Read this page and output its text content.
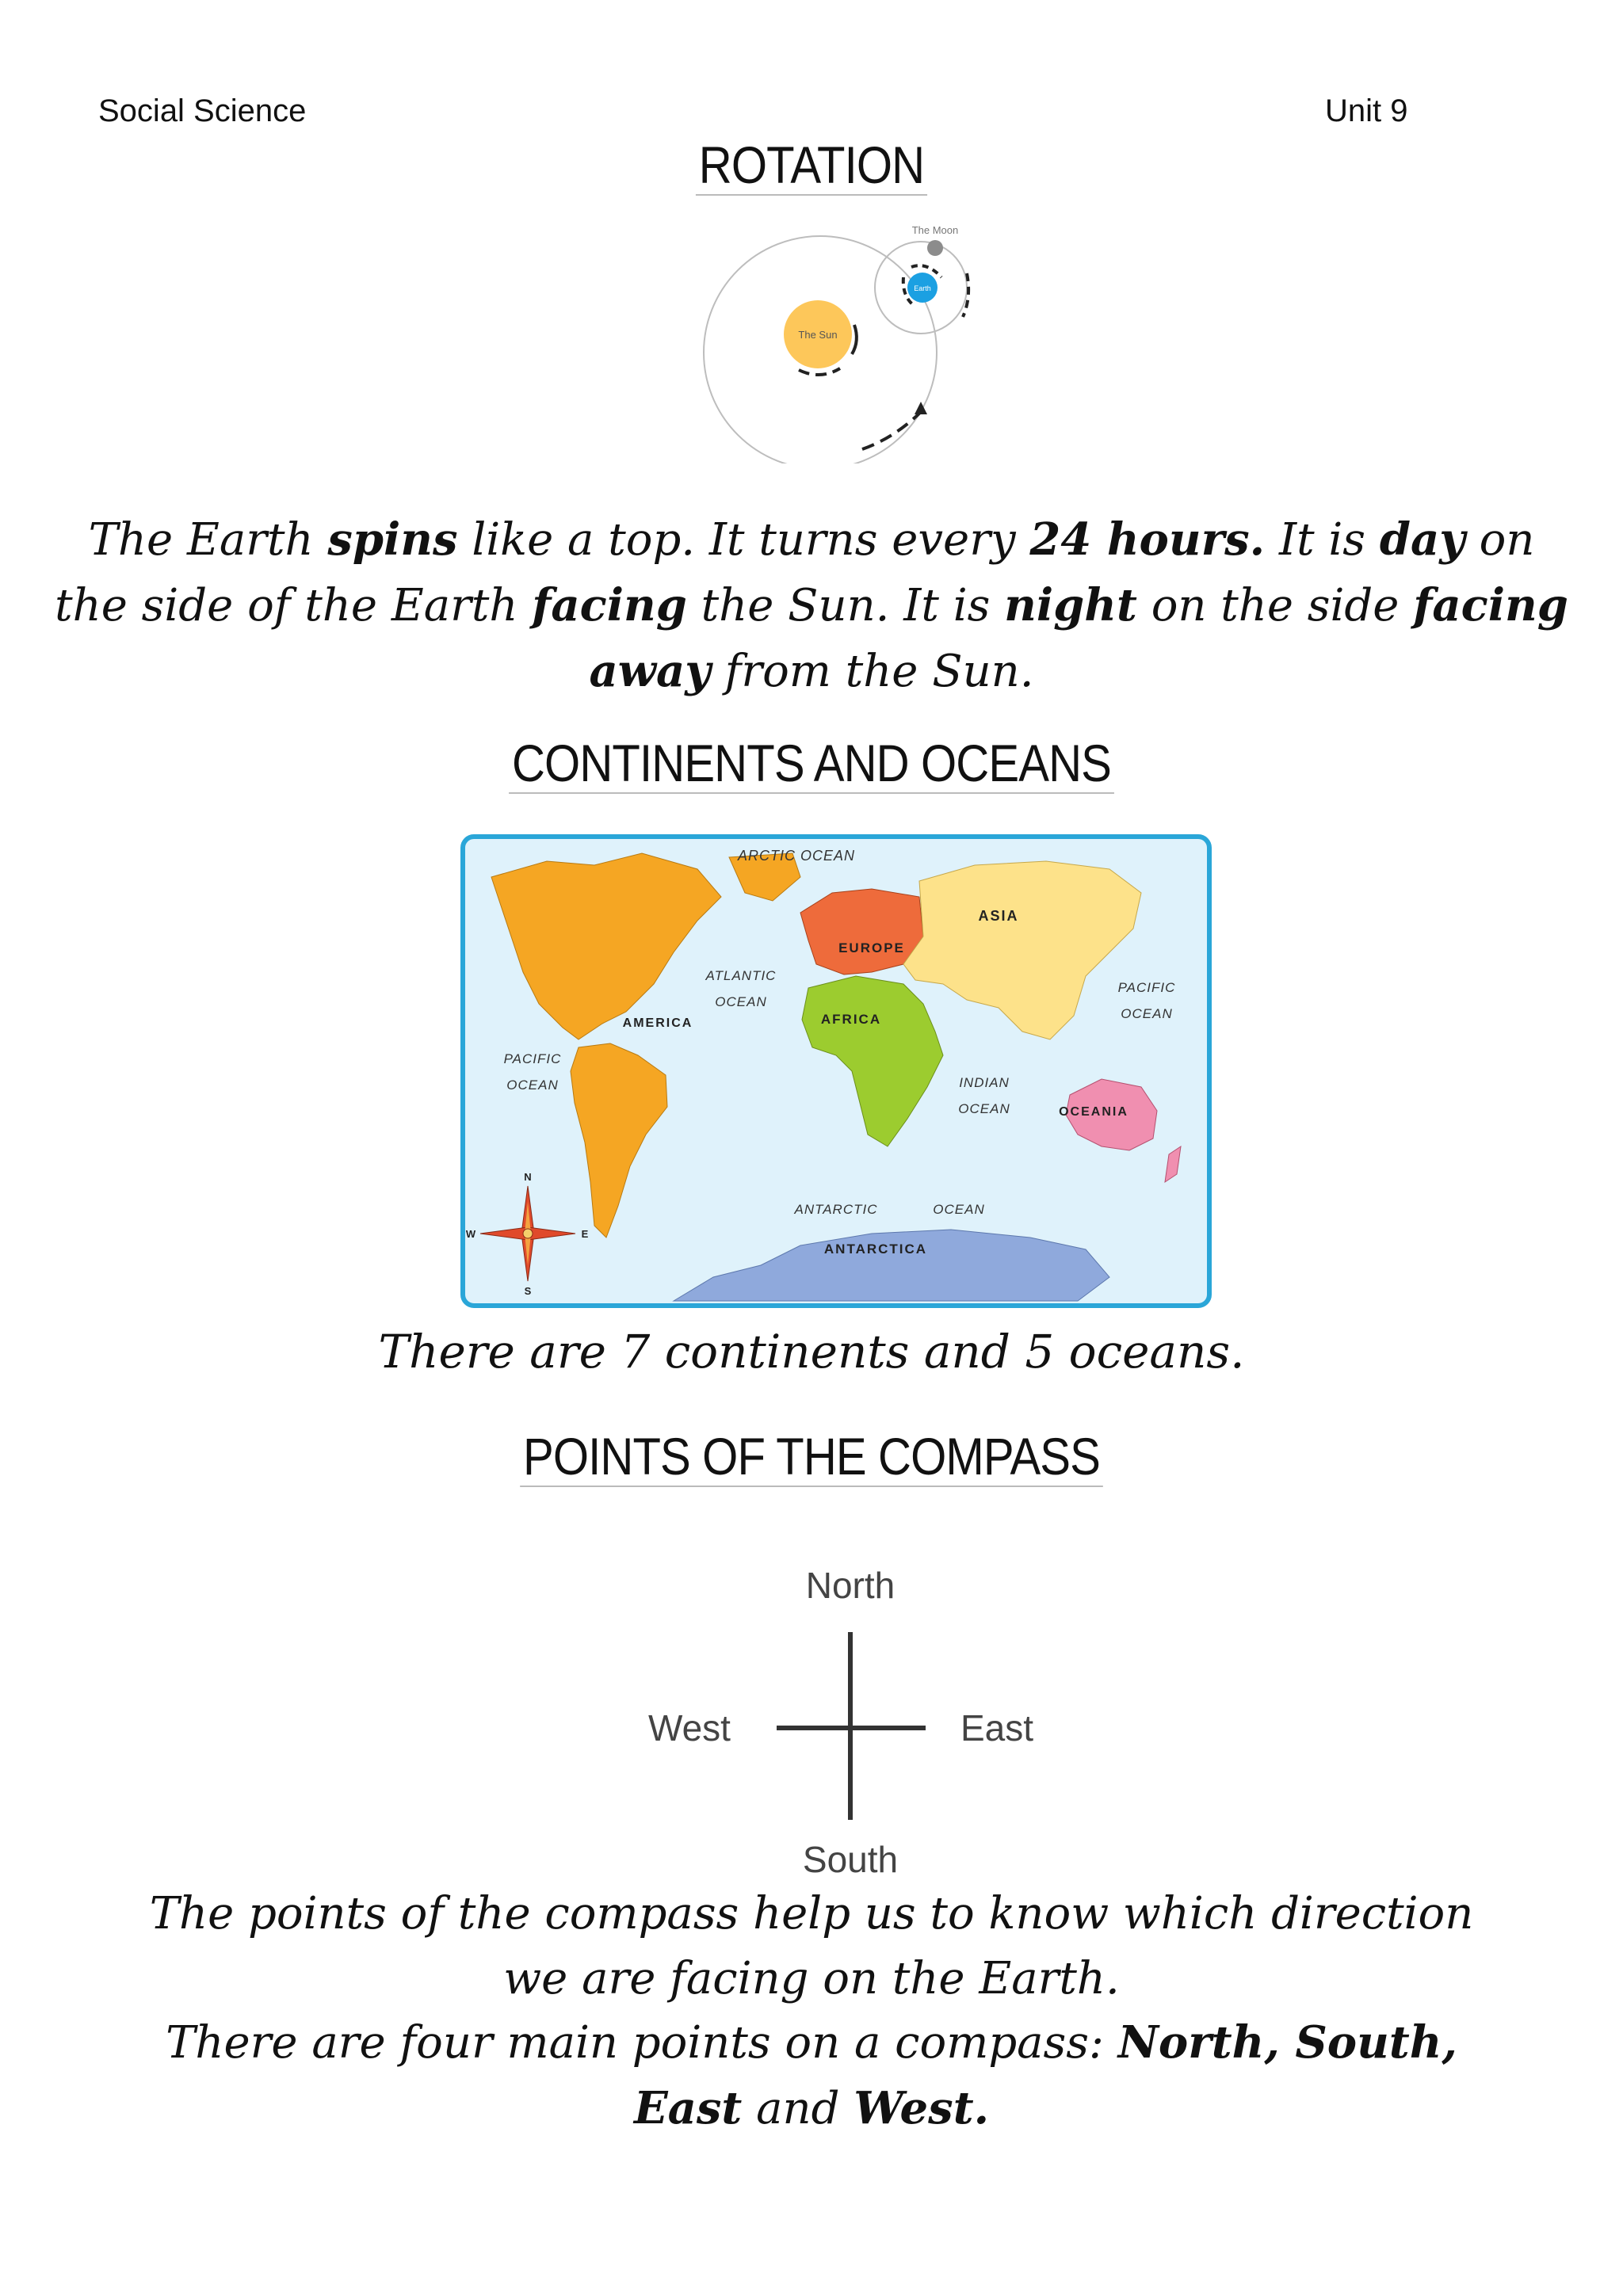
Social Science	Unit 9
ROTATION
The Sun
Earth
The Moon
The Earth spins like a top. It turns every 24 hours. It is day on the side of the Earth facing the Sun. It is night on the side facing away from the Sun.
CONTINENTS AND OCEANS
ARCTIC OCEAN
ASIA
EUROPE
ATLANTIC
OCEAN
AMERICA	AFRICA
PACIFIC
OCEAN
PACIFIC
OCEAN	INDIAN
OCEAN	OCEANIA
ANTARCTIC	OCEAN
ANTARCTICA
N
S
E
W
There are 7 continents and 5 oceans.
POINTS OF THE COMPASS
North
South
West	East
The points of the compass help us to know which direction we are facing on the Earth.
There are four main points on a compass: North, South, East and West.
